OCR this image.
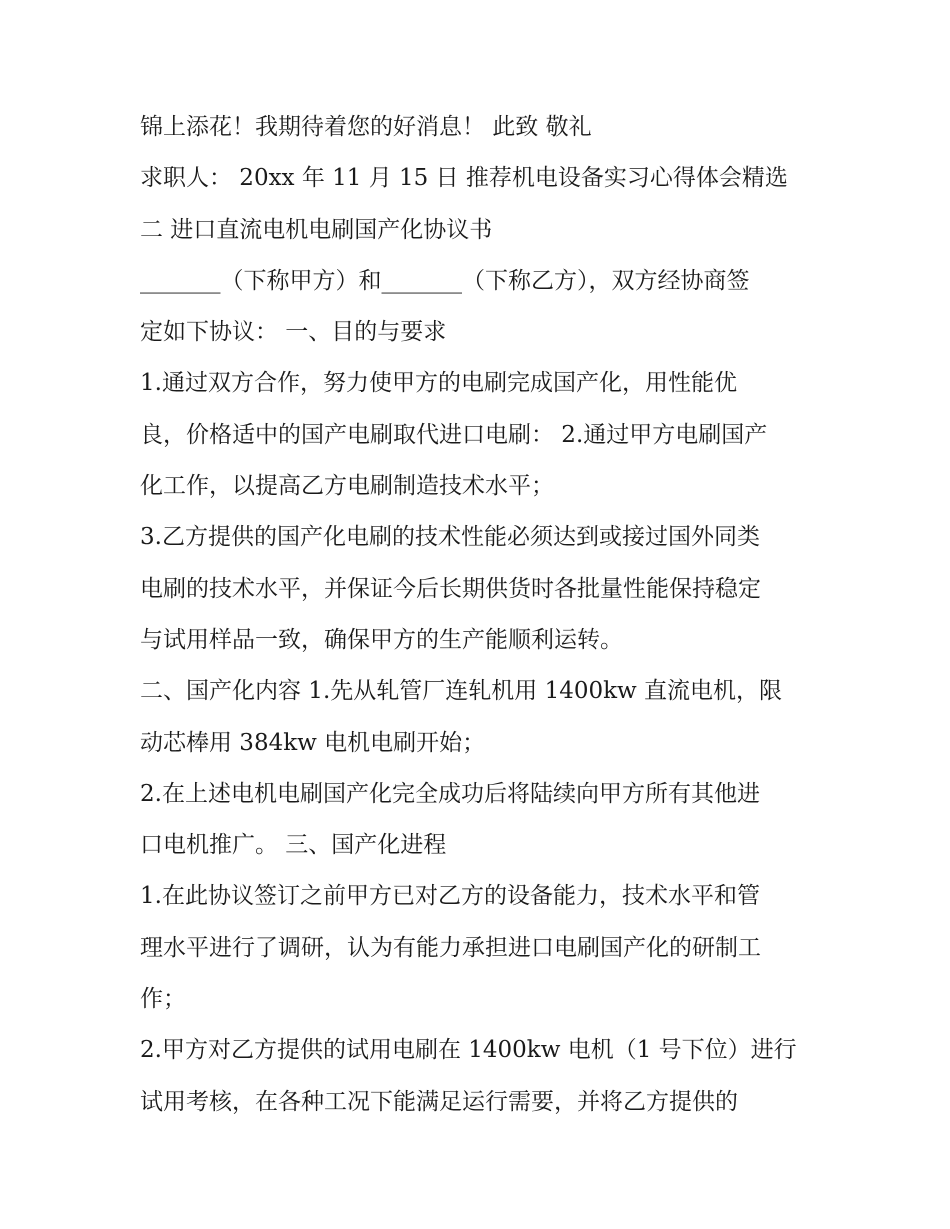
锦上添花！我期待着您的好消息！ 此致 敬礼
求职人： 20xx 年 11 月 15 日 推荐机电设备实习心得体会精选
二 进口直流电机电刷国产化协议书
_______（下称甲方）和_______（下称乙方），双方经协商签
定如下协议： 一、目的与要求
1.通过双方合作，努力使甲方的电刷完成国产化，用性能优
良，价格适中的国产电刷取代进口电刷： 2.通过甲方电刷国产
化工作，以提高乙方电刷制造技术水平；
3.乙方提供的国产化电刷的技术性能必须达到或接过国外同类
电刷的技术水平，并保证今后长期供货时各批量性能保持稳定
与试用样品一致，确保甲方的生产能顺利运转。
二、国产化内容 1.先从轧管厂连轧机用 1400kw 直流电机，限
动芯棒用 384kw 电机电刷开始；
2.在上述电机电刷国产化完全成功后将陆续向甲方所有其他进
口电机推广。 三、国产化进程
1.在此协议签订之前甲方已对乙方的设备能力，技术水平和管
理水平进行了调研，认为有能力承担进口电刷国产化的研制工
作；
2.甲方对乙方提供的试用电刷在 1400kw 电机（1 号下位）进行
试用考核，在各种工况下能满足运行需要，并将乙方提供的
